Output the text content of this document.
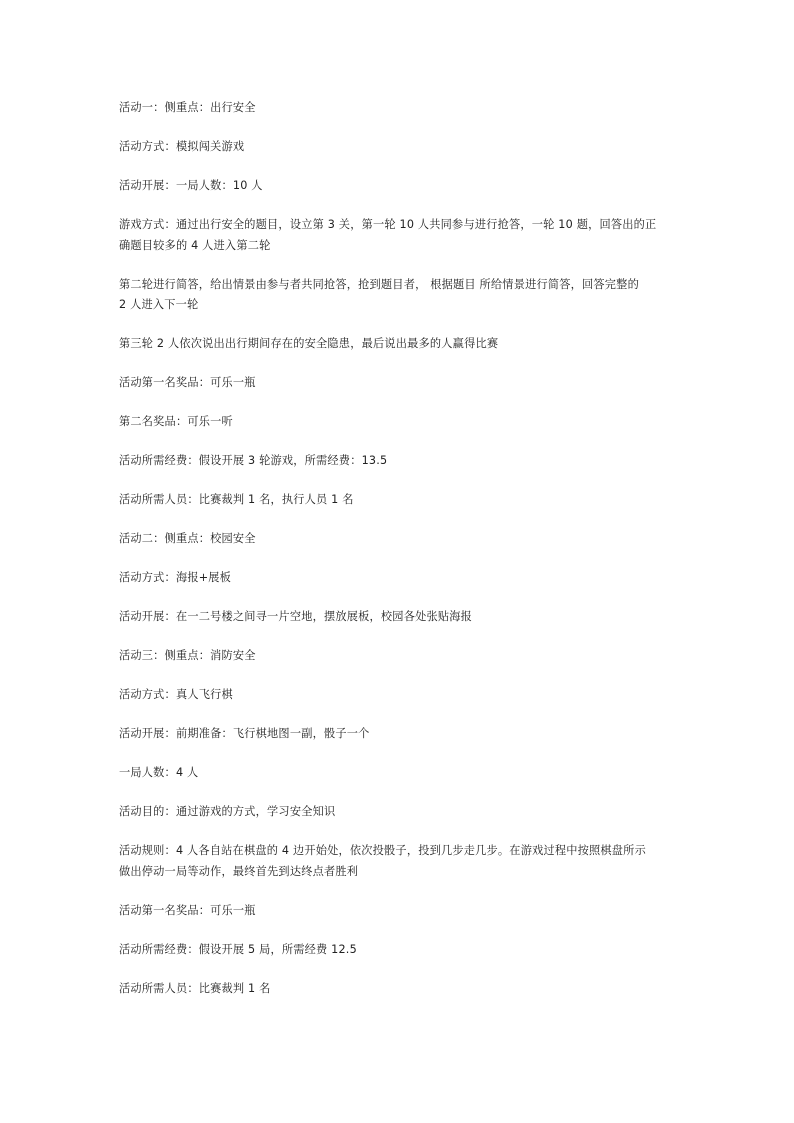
活动一：侧重点：出行安全

活动方式：模拟闯关游戏

活动开展：一局人数：10 人

游戏方式：通过出行安全的题目，设立第 3 关，第一轮 10 人共同参与进行抢答，一轮 10 题，回答出的正
确题目较多的 4 人进入第二轮

第二轮进行简答，给出情景由参与者共同抢答，抢到题目者， 根据题目 所给情景进行简答，回答完整的
2 人进入下一轮

第三轮 2 人依次说出出行期间存在的安全隐患，最后说出最多的人赢得比赛

活动第一名奖品：可乐一瓶

第二名奖品：可乐一听

活动所需经费：假设开展 3 轮游戏，所需经费：13.5

活动所需人员：比赛裁判 1 名，执行人员 1 名

活动二：侧重点：校园安全

活动方式：海报+展板

活动开展：在一二号楼之间寻一片空地，摆放展板，校园各处张贴海报

活动三：侧重点：消防安全

活动方式：真人飞行棋

活动开展：前期准备：飞行棋地图一副，骰子一个

一局人数：4 人

活动目的：通过游戏的方式，学习安全知识

活动规则：4 人各自站在棋盘的 4 边开始处，依次投骰子，投到几步走几步。在游戏过程中按照棋盘所示
做出停动一局等动作，最终首先到达终点者胜利

活动第一名奖品：可乐一瓶

活动所需经费：假设开展 5 局，所需经费 12.5

活动所需人员：比赛裁判 1 名
